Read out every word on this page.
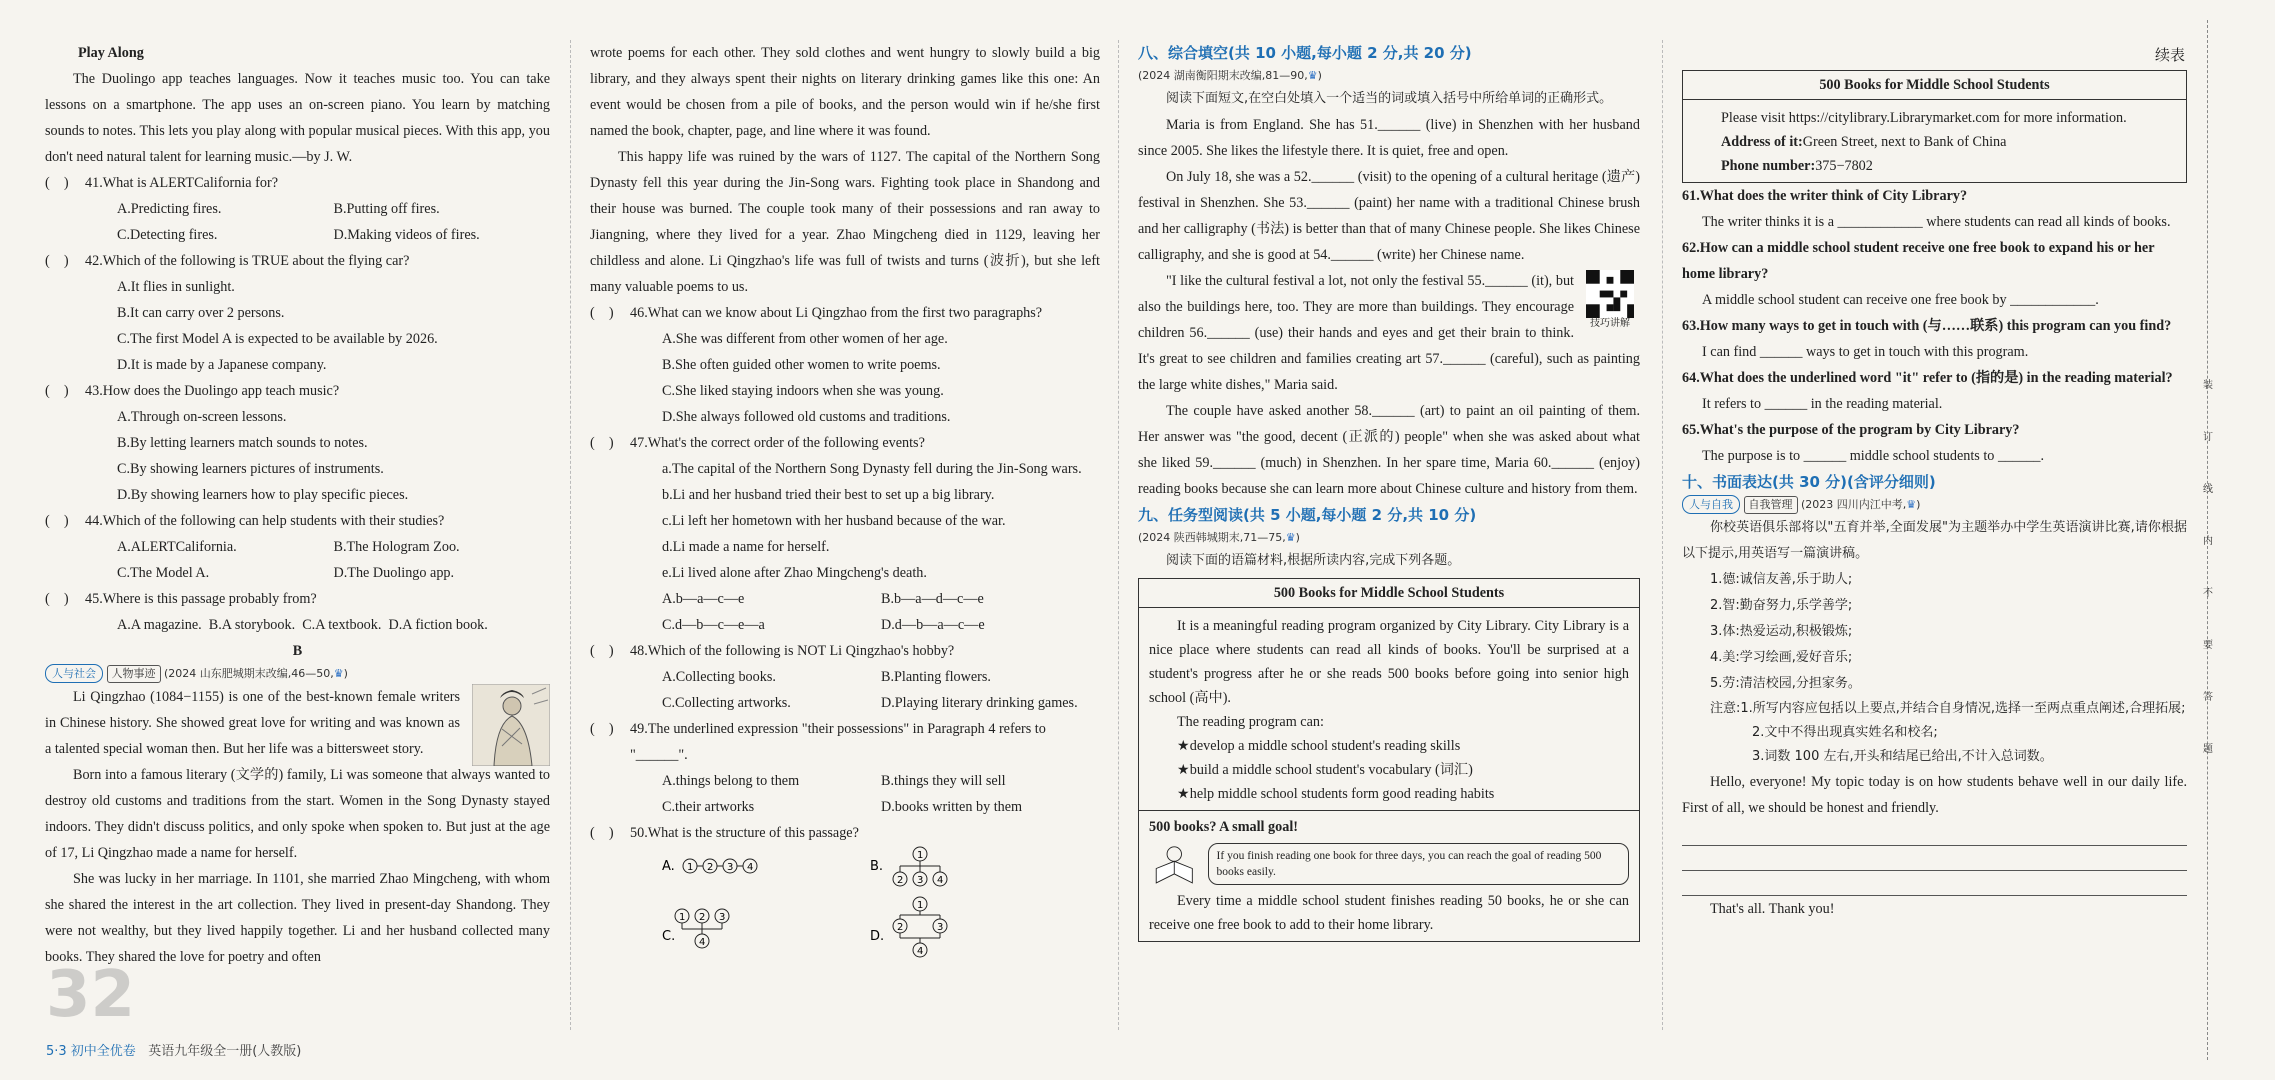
Play Along

The Duolingo app teaches languages. Now it teaches music too. You can take lessons on a smartphone. The app uses an on-screen piano. You learn by matching sounds to notes. This lets you play along with popular musical pieces. With this app, you don't need natural talent for learning music.—by J. W.

(    )	41.What is ALERTCalifornia for?
A.Predicting fires.	B.Putting off fires.
C.Detecting fires.	D.Making videos of fires.
(    )	42.Which of the following is TRUE about the flying car?

A.It flies in sunlight.

B.It can carry over 2 persons.

C.The first Model A is expected to be available by 2026.

D.It is made by a Japanese company.

(    )	43.How does the Duolingo app teach music?

A.Through on-screen lessons.

B.By letting learners match sounds to notes.

C.By showing learners pictures of instruments.

D.By showing learners how to play specific pieces.

(    )	44.Which of the following can help students with their studies?
A.ALERTCalifornia.	B.The Hologram Zoo.
C.The Model A.	D.The Duolingo app.
(    )	45.Where is this passage probably from?

A.A magazine.  B.A storybook.  C.A textbook.  D.A fiction book.

B

人与社会 人物事迹 (2024 山东肥城期末改编,46—50,♛)

Li Qingzhao (1084−1155) is one of the best-known female writers in Chinese history. She showed great love for writing and was known as a talented special woman then. But her life was a bittersweet story.

Born into a famous literary (文学的) family, Li was someone that always wanted to destroy old customs and traditions from the start. Women in the Song Dynasty stayed indoors. They didn't discuss politics, and only spoke when spoken to. But just at the age of 17, Li Qingzhao made a name for herself.

She was lucky in her marriage. In 1101, she married Zhao Mingcheng, with whom she shared the interest in the art collection. They lived in present-day Shandong. They were not wealthy, but they lived happily together. Li and her husband collected many books. They shared the love for poetry and often

32
5·3 初中全优卷 英语九年级全一册(人教版)

wrote poems for each other. They sold clothes and went hungry to slowly build a big library, and they always spent their nights on literary drinking games like this one: An event would be chosen from a pile of books, and the person would win if he/she first named the book, chapter, page, and line where it was found.

This happy life was ruined by the wars of 1127. The capital of the Northern Song Dynasty fell this year during the Jin-Song wars. Fighting took place in Shandong and their house was burned. The couple took many of their possessions and ran away to Jiangning, where they lived for a year. Zhao Mingcheng died in 1129, leaving her childless and alone. Li Qingzhao's life was full of twists and turns (波折), but she left many valuable poems to us.

(    )	46.What can we know about Li Qingzhao from the first two paragraphs?

A.She was different from other women of her age.

B.She often guided other women to write poems.

C.She liked staying indoors when she was young.

D.She always followed old customs and traditions.

(    )	47.What's the correct order of the following events?

a.The capital of the Northern Song Dynasty fell during the Jin-Song wars.

b.Li and her husband tried their best to set up a big library.

c.Li left her hometown with her husband because of the war.

d.Li made a name for herself.

e.Li lived alone after Zhao Mingcheng's death.

A.b—a—c—e	B.b—a—d—c—e
C.d—b—c—e—a	D.d—b—a—c—e
(    )	48.Which of the following is NOT Li Qingzhao's hobby?
A.Collecting books.	B.Planting flowers.
C.Collecting artworks.	D.Playing literary drinking games.
(    )	49.The underlined expression "their possessions" in Paragraph 4 refers to "______".
A.things belong to them	B.things they will sell
C.their artworks	D.books written by them
(    )	50.What is the structure of this passage?
A. 1 2 3 4	B.
1
2 3 4
C.
1 2 3
4	D.
1
2	3
4

八、综合填空(共 10 小题,每小题 2 分,共 20 分)

(2024 湖南衡阳期末改编,81—90,♛)

阅读下面短文,在空白处填入一个适当的词或填入括号中所给单词的正确形式。

Maria is from England. She has 51.______ (live) in Shenzhen with her husband since 2005. She likes the lifestyle there. It is quiet, free and open.

On July 18, she was a 52.______ (visit) to the opening of a cultural heritage (遗产) festival in Shenzhen. She 53.______ (paint) her name with a traditional Chinese brush and her calligraphy (书法) is better than that of many Chinese people. She likes Chinese calligraphy, and she is good at 54.______ (write) her Chinese name.

技巧讲解

"I like the cultural festival a lot, not only the festival 55.______ (it), but also the buildings here, too. They are more than buildings. They encourage children 56.______ (use) their hands and eyes and get their brain to think. It's great to see children and families creating art 57.______ (careful), such as painting the large white dishes," Maria said.

The couple have asked another 58.______ (art) to paint an oil painting of them. Her answer was "the good, decent (正派的) people" when she was asked about what she liked 59.______ (much) in Shenzhen. In her spare time, Maria 60.______ (enjoy) reading books because she can learn more about Chinese culture and history from them.

九、任务型阅读(共 5 小题,每小题 2 分,共 10 分)

(2024 陕西韩城期末,71—75,♛)

阅读下面的语篇材料,根据所读内容,完成下列各题。

500 Books for Middle School Students

It is a meaningful reading program organized by City Library. City Library is a nice place where students can read all kinds of books. You'll be surprised at a student's progress after he or she reads 500 books before going into senior high school (高中).

The reading program can:

★develop a middle school student's reading skills

★build a middle school student's vocabulary (词汇)

★help middle school students form good reading habits

500 books? A small goal!

If you finish reading one book for three days, you can reach the goal of reading 500 books easily.

Every time a middle school student finishes reading 50 books, he or she can receive one free book to add to their home library.

续表
500 Books for Middle School Students

Please visit https://citylibrary.Librarymarket.com for more information.

Address of it:Green Street, next to Bank of China

Phone number:375−7802

61.What does the writer think of City Library?

The writer thinks it is a ____________ where students can read all kinds of books.

62.How can a middle school student receive one free book to expand his or her home library?

A middle school student can receive one free book by ____________.

63.How many ways to get in touch with (与……联系) this program can you find?

I can find ______ ways to get in touch with this program.

64.What does the underlined word "it" refer to (指的是) in the reading material?

It refers to ______ in the reading material.

65.What's the purpose of the program by City Library?

The purpose is to ______ middle school students to ______.

十、书面表达(共 30 分)(含评分细则)

人与自我 自我管理 (2023 四川内江中考,♛)

你校英语俱乐部将以"五育并举,全面发展"为主题举办中学生英语演讲比赛,请你根据以下提示,用英语写一篇演讲稿。

1.德:诚信友善,乐于助人;

2.智:勤奋努力,乐学善学;

3.体:热爱运动,积极锻炼;

4.美:学习绘画,爱好音乐;

5.劳:清洁校园,分担家务。

注意:1.所写内容应包括以上要点,并结合自身情况,选择一至两点重点阐述,合理拓展;

2.文中不得出现真实姓名和校名;

3.词数 100 左右,开头和结尾已给出,不计入总词数。

Hello, everyone! My topic today is on how students behave well in our daily life. First of all, we should be honest and friendly.

That's all. Thank you!

装 订 线 内 不 要 答 题
